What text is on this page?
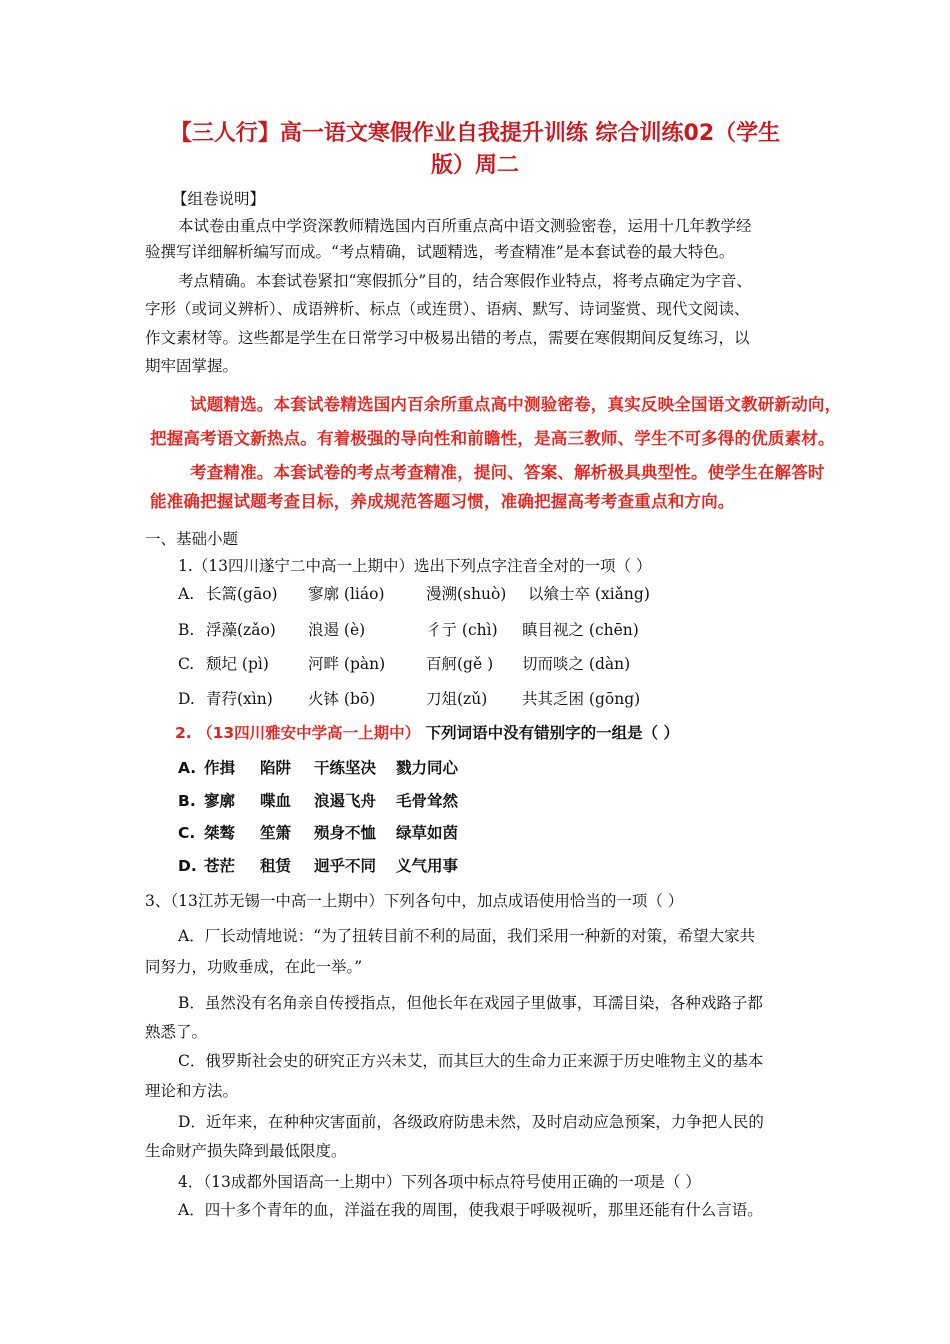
【三人行】高一语文寒假作业自我提升训练 综合训练02（学生
版）周二
【组卷说明】
本试卷由重点中学资深教师精选国内百所重点高中语文测验密卷，运用十几年教学经
验撰写详细解析编写而成。“考点精确，试题精选，考查精准”是本套试卷的最大特色。
考点精确。本套试卷紧扣“寒假抓分”目的，结合寒假作业特点，将考点确定为字音、
字形（或词义辨析）、成语辨析、标点（或连贯）、语病、默写、诗词鉴赏、现代文阅读、
作文素材等。这些都是学生在日常学习中极易出错的考点，需要在寒假期间反复练习，以
期牢固掌握。
试题精选。本套试卷精选国内百余所重点高中测验密卷，真实反映全国语文教研新动向，
把握高考语文新热点。有着极强的导向性和前瞻性，是高三教师、学生不可多得的优质素材。
考查精准。本套试卷的考点考查精准，提问、答案、解析极具典型性。使学生在解答时
能准确把握试题考查目标，养成规范答题习惯，准确把握高考考查重点和方向。
一、基础小题
1.（13四川遂宁二中高一上期中）选出下列点字注音全对的一项（ ）
A. 长篙(gāo) 寥廓 (liáo)	漫溯(shuò) 以飨士卒 (xiǎng)
B. 浮藻(zǎo) 浪遏 (è)	彳亍 (chì) 瞋目视之 (chēn)
C. 颓圮 (pì)	河畔 (pàn)	百舸(gě ) 切而啖之 (dàn)
D. 青荇(xìn) 火钵 (bō)	刀俎(zǔ) 共其乏困 (gōng)
2. （13四川雅安中学高一上期中） 下列词语中没有错别字的一组是（ ）
A. 作揖 陷阱 干练坚决 戮力同心
B. 寥廓 喋血 浪遏飞舟 毛骨耸然
C. 桀骜 笙箫 殒身不恤 绿草如茵
D. 苍茫 租赁 迥乎不同 义气用事
3、（13江苏无锡一中高一上期中）下列各句中，加点成语使用恰当的一项（ ）
A．厂长动情地说：“为了扭转目前不利的局面，我们采用一种新的对策，希望大家共
同努力，功败垂成，在此一举。”
B．虽然没有名角亲自传授指点，但他长年在戏园子里做事，耳濡目染，各种戏路子都
熟悉了。
C．俄罗斯社会史的研究正方兴未艾，而其巨大的生命力正来源于历史唯物主义的基本
理论和方法。
D．近年来，在种种灾害面前，各级政府防患未然，及时启动应急预案，力争把人民的
生命财产损失降到最低限度。
4．（13成都外国语高一上期中）下列各项中标点符号使用正确的一项是（ ）
A．四十多个青年的血，洋溢在我的周围，使我艰于呼吸视听，那里还能有什么言语。
